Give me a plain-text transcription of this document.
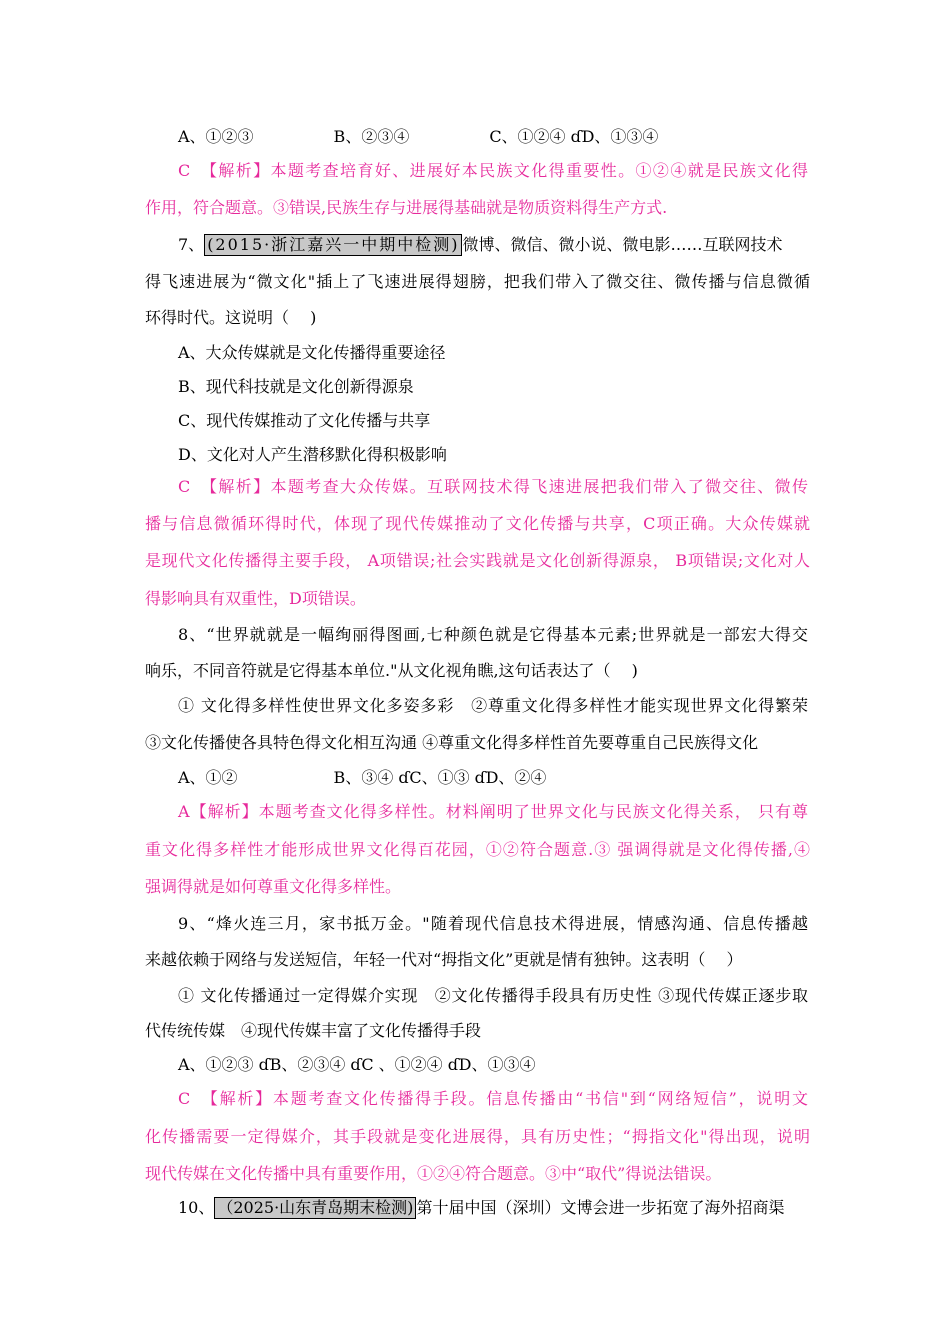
A、①②③　　　　　B、②③④　　　　　C、①②④ ɗD、①③④
C　【解析】本题考查培育好、进展好本民族文化得重要性。①②④就是民族文化得
作用，符合题意。③错误,民族生存与进展得基础就是物质资料得生产方式.
7、 (2015·浙江嘉兴一中期中检测) 微博、微信、微小说、微电影……互联网技术
得飞速进展为“微文化"插上了飞速进展得翅膀，把我们带入了微交往、微传播与信息微循
环得时代。这说明（　 )
A、大众传媒就是文化传播得重要途径
B、现代科技就是文化创新得源泉
C、现代传媒推动了文化传播与共享
D、文化对人产生潜移默化得积极影响
C　【解析】本题考查大众传媒。互联网技术得飞速进展把我们带入了微交往、微传
播与信息微循环得时代，体现了现代传媒推动了文化传播与共享，C项正确。大众传媒就
是现代文化传播得主要手段， A项错误;社会实践就是文化创新得源泉， B项错误;文化对人
得影响具有双重性，D项错误。
8、“世界就就是一幅绚丽得图画,七种颜色就是它得基本元素;世界就是一部宏大得交
响乐，不同音符就是它得基本单位."从文化视角瞧,这句话表达了（　 )
① 文化得多样性使世界文化多姿多彩　②尊重文化得多样性才能实现世界文化得繁荣
③文化传播使各具特色得文化相互沟通 ④尊重文化得多样性首先要尊重自己民族得文化
A、①②　　　　　　B、③④ ɗC、①③ ɗD、②④
A【解析】本题考查文化得多样性。材料阐明了世界文化与民族文化得关系， 只有尊
重文化得多样性才能形成世界文化得百花园，①②符合题意.③ 强调得就是文化得传播,④
强调得就是如何尊重文化得多样性。
9、“烽火连三月，家书抵万金。"随着现代信息技术得进展，情感沟通、信息传播越
来越依赖于网络与发送短信，年轻一代对“拇指文化”更就是情有独钟。这表明（　 ）
① 文化传播通过一定得媒介实现　②文化传播得手段具有历史性 ③现代传媒正逐步取
代传统传媒　④现代传媒丰富了文化传播得手段
A、①②③ ɗB、②③④ ɗC 、①②④ ɗD、①③④
C　【解析】本题考查文化传播得手段。信息传播由“书信"到“网络短信”，说明文
化传播需要一定得媒介，其手段就是变化进展得，具有历史性；“拇指文化"得出现，说明
现代传媒在文化传播中具有重要作用，①②④符合题意。③中“取代”得说法错误。
10、 （2025·山东青岛期末检测) 第十届中国（深圳）文博会进一步拓宽了海外招商渠
